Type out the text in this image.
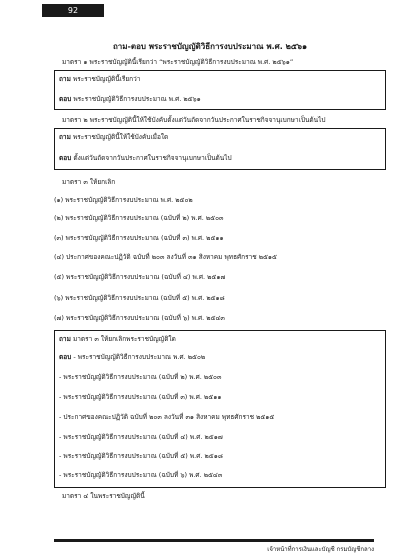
92
ถาม-ตอบ พระราชบัญญัติวิธีการงบประมาณ พ.ศ. ๒๕๖๑
มาตรา ๑ พระราชบัญญัตินี้เรียกว่า “พระราชบัญญัติวิธีการงบประมาณ พ.ศ. ๒๕๖๑”
ถาม พระราชบัญญัตินี้เรียกว่า
ตอบ พระราชบัญญัติวิธีการงบประมาณ พ.ศ. ๒๕๖๑
มาตรา ๒ พระราชบัญญัตินี้ให้ใช้บังคับตั้งแต่วันถัดจากวันประกาศในราชกิจจานุเบกษาเป็นต้นไป
ถาม พระราชบัญญัตินี้ให้ใช้บังคับเมื่อใด
ตอบ ตั้งแต่วันถัดจากวันประกาศในราชกิจจานุเบกษาเป็นต้นไป
มาตรา ๓ ให้ยกเลิก
(๑) พระราชบัญญัติวิธีการงบประมาณ พ.ศ. ๒๕๐๒
(๒) พระราชบัญญัติวิธีการงบประมาณ (ฉบับที่ ๒) พ.ศ. ๒๕๐๓
(๓) พระราชบัญญัติวิธีการงบประมาณ (ฉบับที่ ๓) พ.ศ. ๒๕๑๑
(๔) ประกาศของคณะปฏิวัติ ฉบับที่ ๒๐๓ ลงวันที่ ๓๑ สิงหาคม พุทธศักราช ๒๕๑๕
(๕) พระราชบัญญัติวิธีการงบประมาณ (ฉบับที่ ๔) พ.ศ. ๒๕๑๗
(๖) พระราชบัญญัติวิธีการงบประมาณ (ฉบับที่ ๕) พ.ศ. ๒๕๑๘
(๗) พระราชบัญญัติวิธีการงบประมาณ (ฉบับที่ ๖) พ.ศ. ๒๕๔๓
ถาม มาตรา ๓ ให้ยกเลิกพระราชบัญญัติใด
ตอบ - พระราชบัญญัติวิธีการงบประมาณ พ.ศ. ๒๕๐๒
- พระราชบัญญัติวิธีการงบประมาณ (ฉบับที่ ๒) พ.ศ. ๒๕๐๓
- พระราชบัญญัติวิธีการงบประมาณ (ฉบับที่ ๓) พ.ศ. ๒๕๑๑
- ประกาศของคณะปฏิวัติ ฉบับที่ ๒๐๓ ลงวันที่ ๓๑ สิงหาคม พุทธศักราช ๒๕๑๕
- พระราชบัญญัติวิธีการงบประมาณ (ฉบับที่ ๔) พ.ศ. ๒๕๑๗
- พระราชบัญญัติวิธีการงบประมาณ (ฉบับที่ ๕) พ.ศ. ๒๕๑๘
- พระราชบัญญัติวิธีการงบประมาณ (ฉบับที่ ๖) พ.ศ. ๒๕๔๓
มาตรา ๔ ในพระราชบัญญัตินี้
เจ้าหน้าที่การเงินและบัญชี กรมบัญชีกลาง
